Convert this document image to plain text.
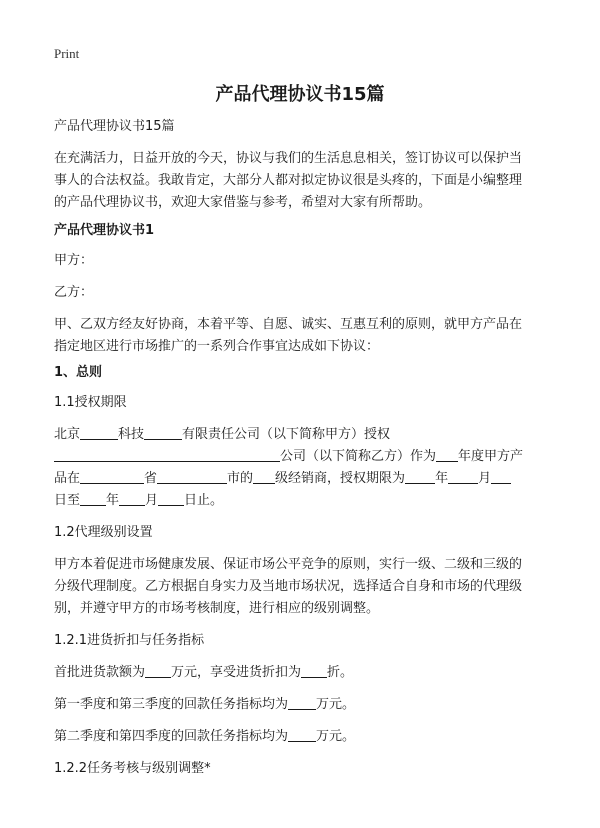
Print
产品代理协议书15篇
产品代理协议书15篇
在充满活力，日益开放的今天，协议与我们的生活息息相关，签订协议可以保护当
事人的合法权益。我敢肯定，大部分人都对拟定协议很是头疼的，下面是小编整理
的产品代理协议书，欢迎大家借鉴与参考，希望对大家有所帮助。
产品代理协议书1
甲方：
乙方：
甲、乙双方经友好协商，本着平等、自愿、诚实、互惠互利的原则，就甲方产品在
指定地区进行市场推广的一系列合作事宜达成如下协议：
1、总则
1.1授权期限
北京	科技	有限责任公司（以下简称甲方）授权
公司（以下简称乙方）作为 年度甲方产
品在	省	市的 级经销商，授权期限为 年 月
日至 年 月 日止。
1.2代理级别设置
甲方本着促进市场健康发展、保证市场公平竞争的原则，实行一级、二级和三级的
分级代理制度。乙方根据自身实力及当地市场状况，选择适合自身和市场的代理级
别，并遵守甲方的市场考核制度，进行相应的级别调整。
1.2.1进货折扣与任务指标
首批进货款额为 万元，享受进货折扣为 折。
第一季度和第三季度的回款任务指标均为 万元。
第二季度和第四季度的回款任务指标均为 万元。
1.2.2任务考核与级别调整*
